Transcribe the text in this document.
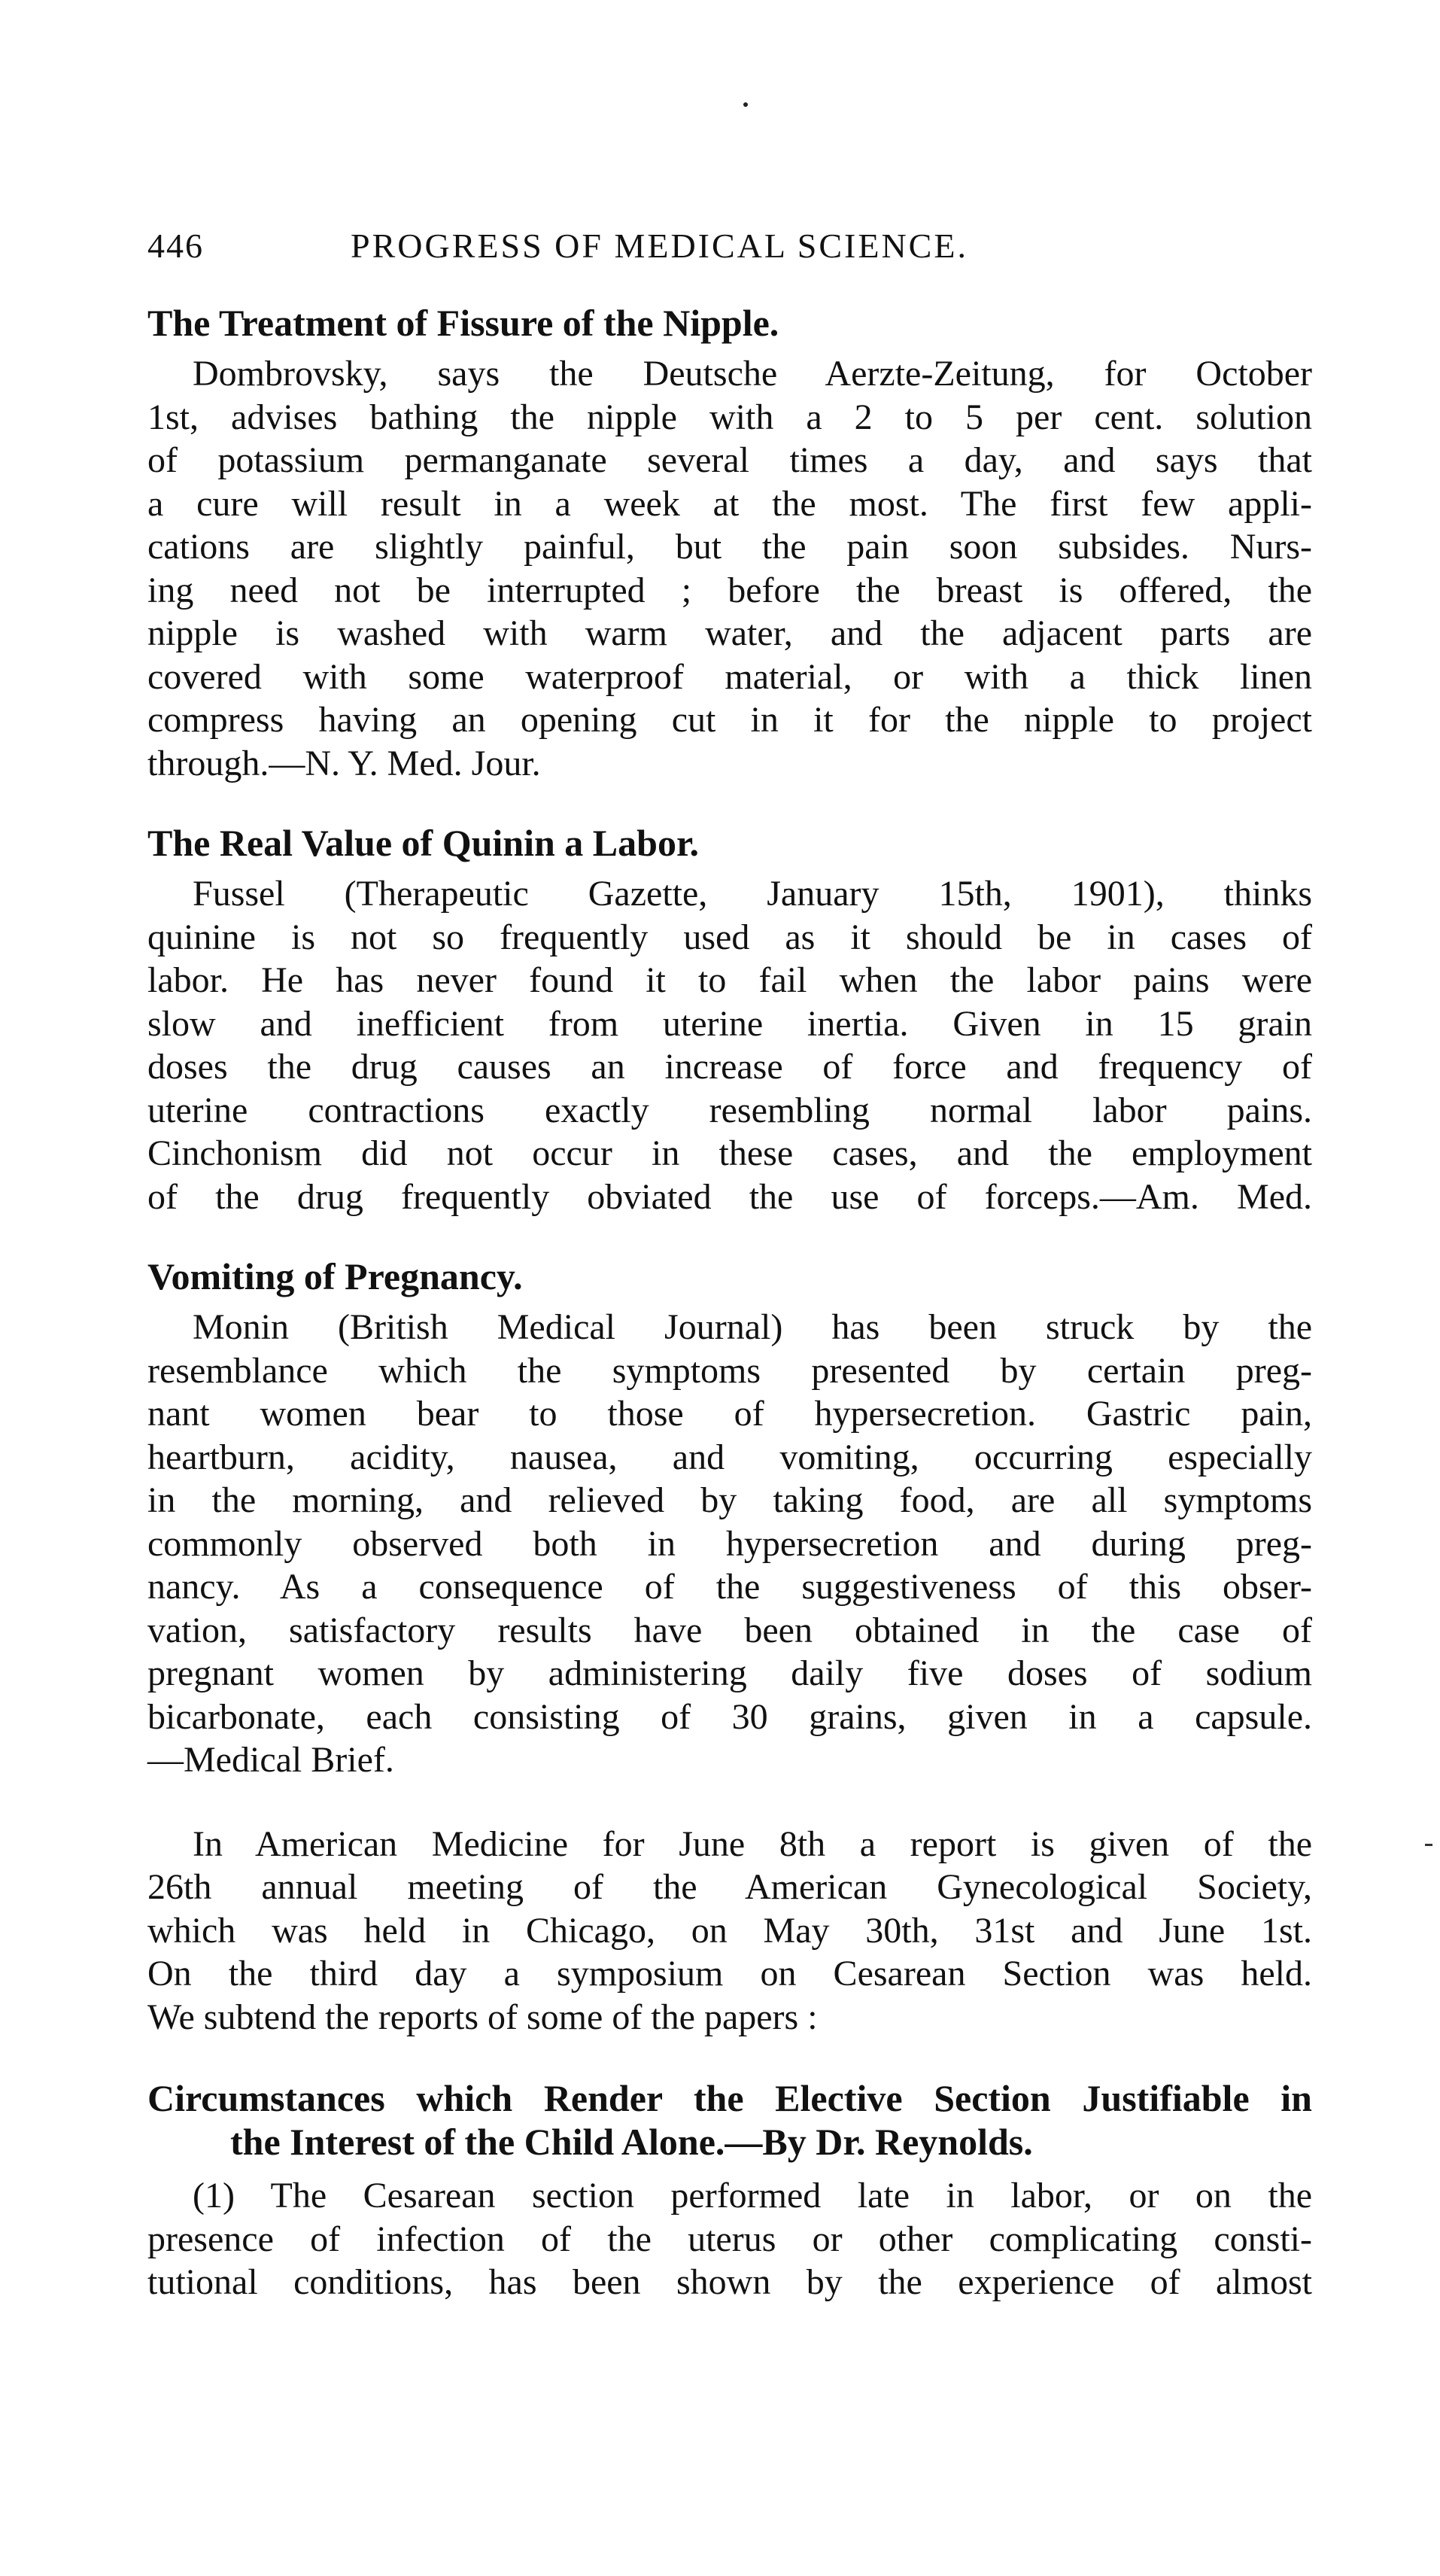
446	PROGRESS OF MEDICAL SCIENCE.
The Treatment of Fissure of the Nipple.
Dombrovsky, says the Deutsche Aerzte-Zeitung, for October
1st, advises bathing the nipple with a 2 to 5 per cent. solution
of potassium permanganate several times a day, and says that
a cure will result in a week at the most. The first few appli-
cations are slightly painful, but the pain soon subsides. Nurs-
ing need not be interrupted ; before the breast is offered, the
nipple is washed with warm water, and the adjacent parts are
covered with some waterproof material, or with a thick linen
compress having an opening cut in it for the nipple to project
through.—N. Y. Med. Jour.
The Real Value of Quinin a Labor.
Fussel (Therapeutic Gazette, January 15th, 1901), thinks
quinine is not so frequently used as it should be in cases of
labor. He has never found it to fail when the labor pains were
slow and inefficient from uterine inertia. Given in 15 grain
doses the drug causes an increase of force and frequency of
uterine contractions exactly resembling normal labor pains.
Cinchonism did not occur in these cases, and the employment
of the drug frequently obviated the use of forceps.—Am. Med.
Vomiting of Pregnancy.
Monin (British Medical Journal) has been struck by the
resemblance which the symptoms presented by certain preg-
nant women bear to those of hypersecretion. Gastric pain,
heartburn, acidity, nausea, and vomiting, occurring especially
in the morning, and relieved by taking food, are all symptoms
commonly observed both in hypersecretion and during preg-
nancy. As a consequence of the suggestiveness of this obser-
vation, satisfactory results have been obtained in the case of
pregnant women by administering daily five doses of sodium
bicarbonate, each consisting of 30 grains, given in a capsule.
—Medical Brief.
In American Medicine for June 8th a report is given of the
26th annual meeting of the American Gynecological Society,
which was held in Chicago, on May 30th, 31st and June 1st.
On the third day a symposium on Cesarean Section was held.
We subtend the reports of some of the papers :
Circumstances which Render the Elective Section Justifiable in
the Interest of the Child Alone.—By Dr. Reynolds.
(1) The Cesarean section performed late in labor, or on the
presence of infection of the uterus or other complicating consti-
tutional conditions, has been shown by the experience of almost
